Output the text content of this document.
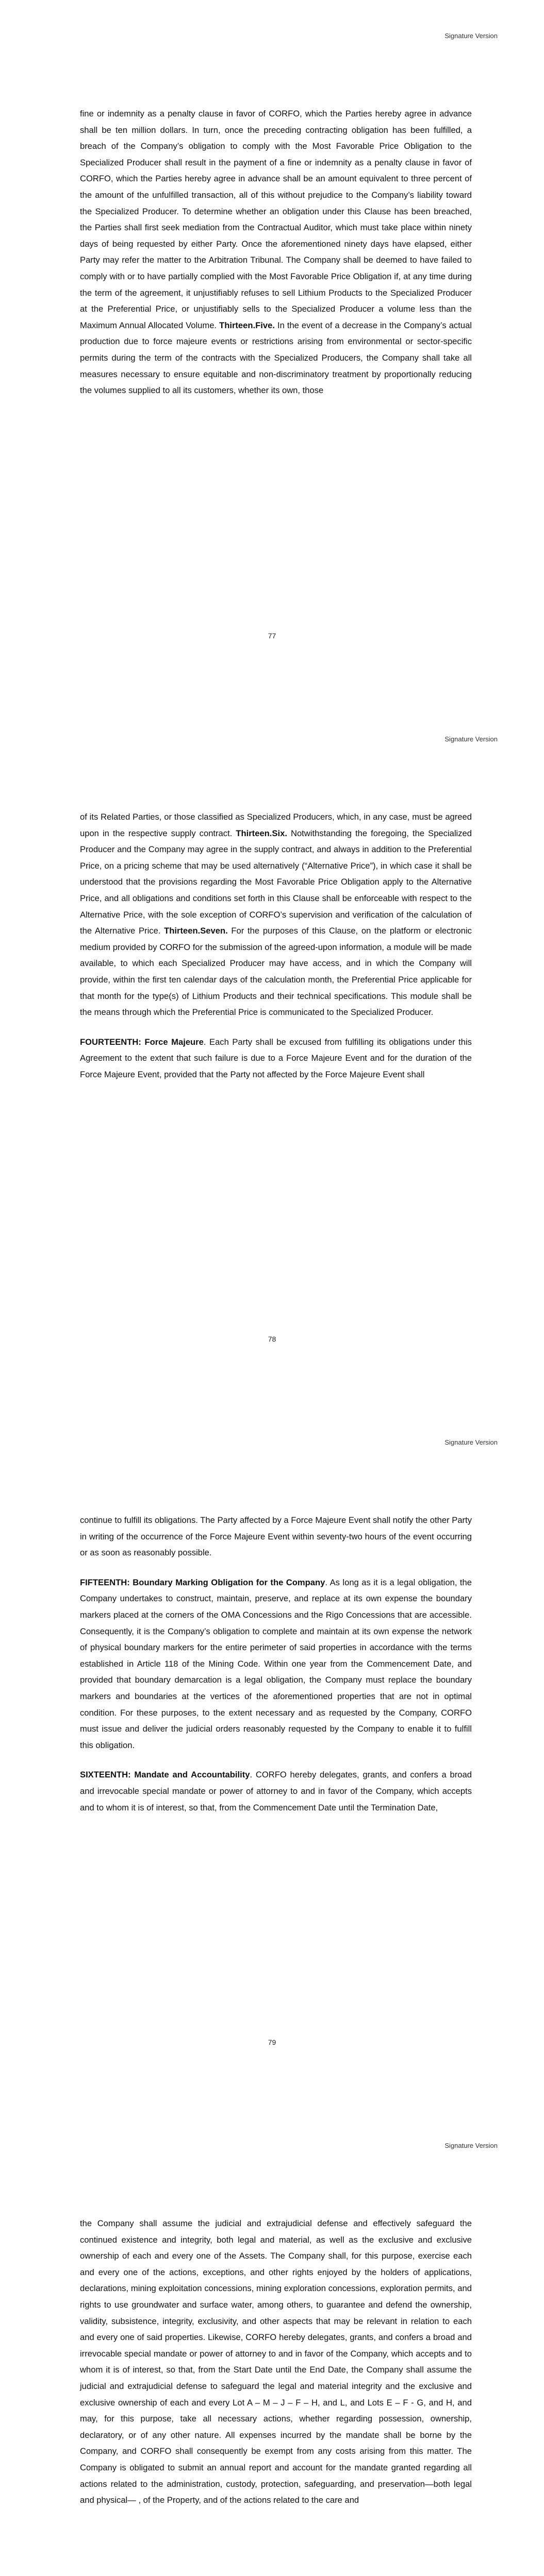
Signature Version

fine or indemnity as a penalty clause in favor of CORFO, which the Parties hereby agree in advance shall be ten million dollars. In turn, once the preceding contracting obligation has been fulfilled, a breach of the Company’s obligation to comply with the Most Favorable Price Obligation to the Specialized Producer shall result in the payment of a fine or indemnity as a penalty clause in favor of CORFO, which the Parties hereby agree in advance shall be an amount equivalent to three percent of the amount of the unfulfilled transaction, all of this without prejudice to the Company’s liability toward the Specialized Producer. To determine whether an obligation under this Clause has been breached, the Parties shall first seek mediation from the Contractual Auditor, which must take place within ninety days of being requested by either Party. Once the aforementioned ninety days have elapsed, either Party may refer the matter to the Arbitration Tribunal. The Company shall be deemed to have failed to comply with or to have partially complied with the Most Favorable Price Obligation if, at any time during the term of the agreement, it unjustifiably refuses to sell Lithium Products to the Specialized Producer at the Preferential Price, or unjustifiably sells to the Specialized Producer a volume less than the Maximum Annual Allocated Volume. Thirteen.Five. In the event of a decrease in the Company’s actual production due to force majeure events or restrictions arising from environmental or sector-specific permits during the term of the contracts with the Specialized Producers, the Company shall take all measures necessary to ensure equitable and non-discriminatory treatment by proportionally reducing the volumes supplied to all its customers, whether its own, those

77
Signature Version

of its Related Parties, or those classified as Specialized Producers, which, in any case, must be agreed upon in the respective supply contract. Thirteen.Six. Notwithstanding the foregoing, the Specialized Producer and the Company may agree in the supply contract, and always in addition to the Preferential Price, on a pricing scheme that may be used alternatively (“Alternative Price”), in which case it shall be understood that the provisions regarding the Most Favorable Price Obligation apply to the Alternative Price, and all obligations and conditions set forth in this Clause shall be enforceable with respect to the Alternative Price, with the sole exception of CORFO’s supervision and verification of the calculation of the Alternative Price. Thirteen.Seven. For the purposes of this Clause, on the platform or electronic medium provided by CORFO for the submission of the agreed-upon information, a module will be made available, to which each Specialized Producer may have access, and in which the Company will provide, within the first ten calendar days of the calculation month, the Preferential Price applicable for that month for the type(s) of Lithium Products and their technical specifications. This module shall be the means through which the Preferential Price is communicated to the Specialized Producer.

FOURTEENTH: Force Majeure. Each Party shall be excused from fulfilling its obligations under this Agreement to the extent that such failure is due to a Force Majeure Event and for the duration of the Force Majeure Event, provided that the Party not affected by the Force Majeure Event shall

78
Signature Version

continue to fulfill its obligations. The Party affected by a Force Majeure Event shall notify the other Party in writing of the occurrence of the Force Majeure Event within seventy-two hours of the event occurring or as soon as reasonably possible.

FIFTEENTH: Boundary Marking Obligation for the Company. As long as it is a legal obligation, the Company undertakes to construct, maintain, preserve, and replace at its own expense the boundary markers placed at the corners of the OMA Concessions and the Rigo Concessions that are accessible. Consequently, it is the Company’s obligation to complete and maintain at its own expense the network of physical boundary markers for the entire perimeter of said properties in accordance with the terms established in Article 118 of the Mining Code. Within one year from the Commencement Date, and provided that boundary demarcation is a legal obligation, the Company must replace the boundary markers and boundaries at the vertices of the aforementioned properties that are not in optimal condition. For these purposes, to the extent necessary and as requested by the Company, CORFO must issue and deliver the judicial orders reasonably requested by the Company to enable it to fulfill this obligation.

SIXTEENTH: Mandate and Accountability. CORFO hereby delegates, grants, and confers a broad and irrevocable special mandate or power of attorney to and in favor of the Company, which accepts and to whom it is of interest, so that, from the Commencement Date until the Termination Date,

79
Signature Version

the Company shall assume the judicial and extrajudicial defense and effectively safeguard the continued existence and integrity, both legal and material, as well as the exclusive and exclusive ownership of each and every one of the Assets. The Company shall, for this purpose, exercise each and every one of the actions, exceptions, and other rights enjoyed by the holders of applications, declarations, mining exploitation concessions, mining exploration concessions, exploration permits, and rights to use groundwater and surface water, among others, to guarantee and defend the ownership, validity, subsistence, integrity, exclusivity, and other aspects that may be relevant in relation to each and every one of said properties. Likewise, CORFO hereby delegates, grants, and confers a broad and irrevocable special mandate or power of attorney to and in favor of the Company, which accepts and to whom it is of interest, so that, from the Start Date until the End Date, the Company shall assume the judicial and extrajudicial defense to safeguard the legal and material integrity and the exclusive and exclusive ownership of each and every Lot A – M – J – F – H, and L, and Lots E – F - G, and H, and may, for this purpose, take all necessary actions, whether regarding possession, ownership, declaratory, or of any other nature. All expenses incurred by the mandate shall be borne by the Company, and CORFO shall consequently be exempt from any costs arising from this matter. The Company is obligated to submit an annual report and account for the mandate granted regarding all actions related to the administration, custody, protection, safeguarding, and preservation—both legal and physical— , of the Property, and of the actions related to the care and
